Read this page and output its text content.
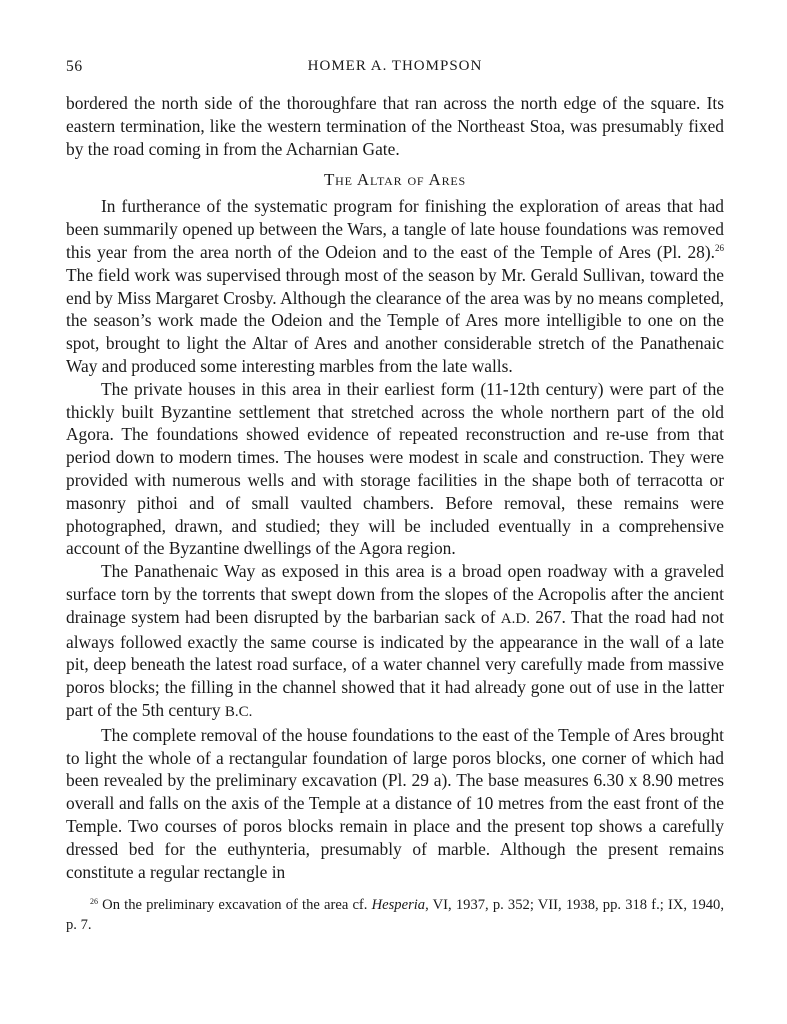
56	HOMER A. THOMPSON

bordered the north side of the thoroughfare that ran across the north edge of the square. Its eastern termination, like the western termination of the Northeast Stoa, was presumably fixed by the road coming in from the Acharnian Gate.

The Altar of Ares

In furtherance of the systematic program for finishing the exploration of areas that had been summarily opened up between the Wars, a tangle of late house foundations was removed this year from the area north of the Odeion and to the east of the Temple of Ares (Pl. 28).$^{26}$ The field work was supervised through most of the season by Mr. Gerald Sullivan, toward the end by Miss Margaret Crosby. Although the clearance of the area was by no means completed, the season’s work made the Odeion and the Temple of Ares more intelligible to one on the spot, brought to light the Altar of Ares and another considerable stretch of the Panathenaic Way and produced some interesting marbles from the late walls.

The private houses in this area in their earliest form (11-12th century) were part of the thickly built Byzantine settlement that stretched across the whole northern part of the old Agora. The foundations showed evidence of repeated reconstruction and re-use from that period down to modern times. The houses were modest in scale and construction. They were provided with numerous wells and with storage facilities in the shape both of terracotta or masonry pithoi and of small vaulted chambers. Before removal, these remains were photographed, drawn, and studied; they will be included eventually in a comprehensive account of the Byzantine dwellings of the Agora region.

The Panathenaic Way as exposed in this area is a broad open roadway with a graveled surface torn by the torrents that swept down from the slopes of the Acropolis after the ancient drainage system had been disrupted by the barbarian sack of A.D. 267. That the road had not always followed exactly the same course is indicated by the appearance in the wall of a late pit, deep beneath the latest road surface, of a water channel very carefully made from massive poros blocks; the filling in the channel showed that it had already gone out of use in the latter part of the 5th century B.C.

The complete removal of the house foundations to the east of the Temple of Ares brought to light the whole of a rectangular foundation of large poros blocks, one corner of which had been revealed by the preliminary excavation (Pl. 29 a). The base measures 6.30 x 8.90 metres overall and falls on the axis of the Temple at a distance of 10 metres from the east front of the Temple. Two courses of poros blocks remain in place and the present top shows a carefully dressed bed for the euthynteria, presumably of marble. Although the present remains constitute a regular rectangle in

$^{26}$ On the preliminary excavation of the area cf. Hesperia, VI, 1937, p. 352; VII, 1938, pp. 318 f.; IX, 1940, p. 7.
